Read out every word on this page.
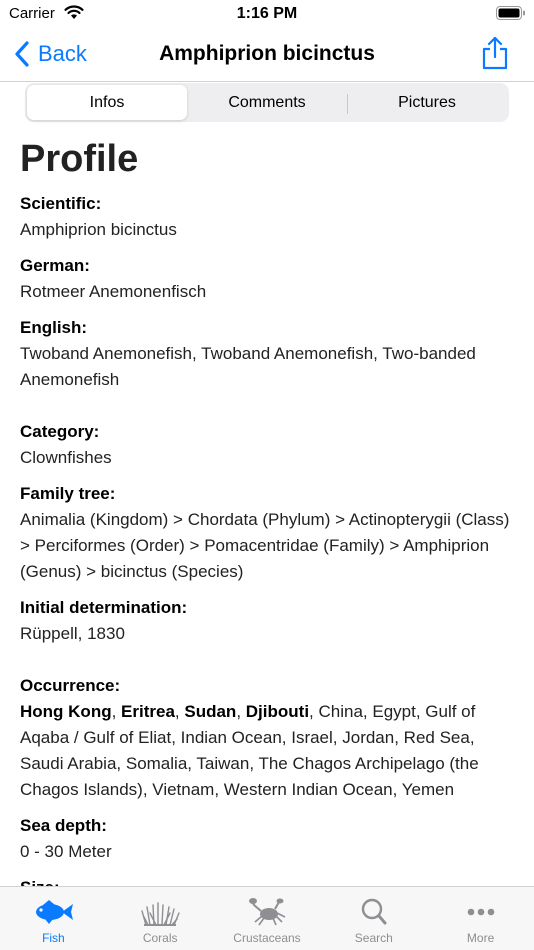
Carrier	1:16 PM
Back	Amphiprion bicinctus
Infos	Comments	Pictures
Profile
Scientific:
Amphiprion bicinctus
German:
Rotmeer Anemonenfisch
English:
Twoband Anemonefish, Twoband Anemonefish, Two-banded Anemonefish
Category:
Clownfishes
Family tree:
Animalia (Kingdom) > Chordata (Phylum) > Actinopterygii (Class) > Perciformes (Order) > Pomacentridae (Family) > Amphiprion (Genus) > bicinctus (Species)
Initial determination:
Rüppell, 1830
Occurrence:
Hong Kong, Eritrea, Sudan, Djibouti, China, Egypt, Gulf of Aqaba / Gulf of Eliat, Indian Ocean, Israel, Jordan, Red Sea, Saudi Arabia, Somalia, Taiwan, The Chagos Archipelago (the Chagos Islands), Vietnam, Western Indian Ocean, Yemen
Sea depth:
0 - 30 Meter
Fish	Corals	Crustaceans	Search	More
